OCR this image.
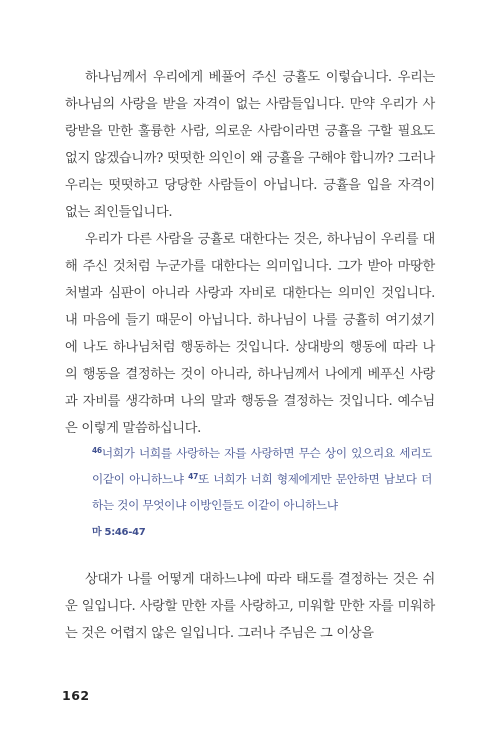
하나님께서 우리에게 베풀어 주신 긍휼도 이렇습니다. 우리는 하나님의 사랑을 받을 자격이 없는 사람들입니다. 만약 우리가 사랑받을 만한 훌륭한 사람, 의로운 사람이라면 긍휼을 구할 필요도 없지 않겠습니까? 떳떳한 의인이 왜 긍휼을 구해야 합니까? 그러나 우리는 떳떳하고 당당한 사람들이 아닙니다. 긍휼을 입을 자격이 없는 죄인들입니다.

우리가 다른 사람을 긍휼로 대한다는 것은, 하나님이 우리를 대해 주신 것처럼 누군가를 대한다는 의미입니다. 그가 받아 마땅한 처벌과 심판이 아니라 사랑과 자비로 대한다는 의미인 것입니다. 내 마음에 들기 때문이 아닙니다. 하나님이 나를 긍휼히 여기셨기에 나도 하나님처럼 행동하는 것입니다. 상대방의 행동에 따라 나의 행동을 결정하는 것이 아니라, 하나님께서 나에게 베푸신 사랑과 자비를 생각하며 나의 말과 행동을 결정하는 것입니다. 예수님은 이렇게 말씀하십니다.

$^{46}$너희가 너희를 사랑하는 자를 사랑하면 무슨 상이 있으리요 세리도 이같이 아니하느냐 $^{47}$또 너희가 너희 형제에게만 문안하면 남보다 더하는 것이 무엇이냐 이방인들도 이같이 아니하느냐
마 5:46-47

상대가 나를 어떻게 대하느냐에 따라 태도를 결정하는 것은 쉬운 일입니다. 사랑할 만한 자를 사랑하고, 미워할 만한 자를 미워하는 것은 어렵지 않은 일입니다. 그러나 주님은 그 이상을

162
